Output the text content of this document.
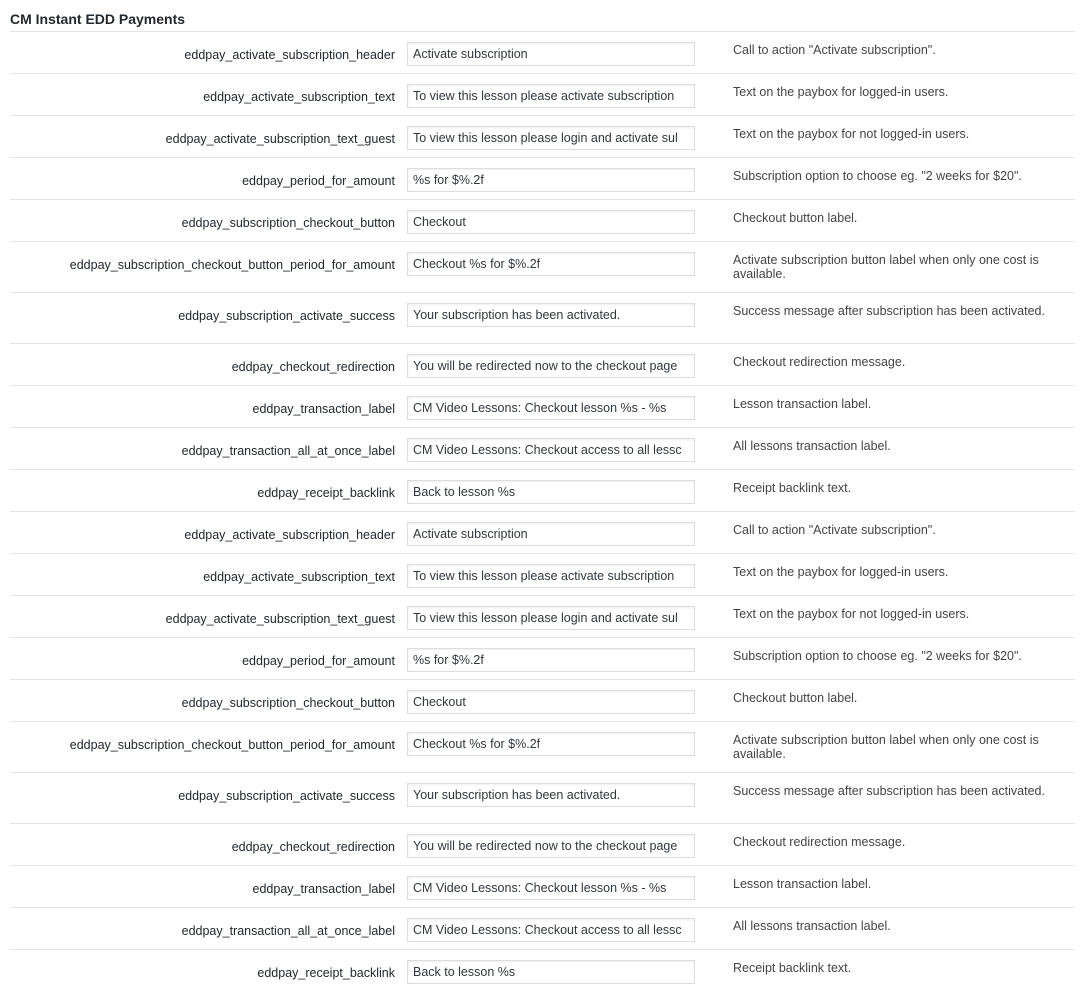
CM Instant EDD Payments
eddpay_activate_subscription_header	Activate subscription	Call to action "Activate subscription".
eddpay_activate_subscription_text	To view this lesson please activate subscription	Text on the paybox for logged-in users.
eddpay_activate_subscription_text_guest	To view this lesson please login and activate sul	Text on the paybox for not logged-in users.
eddpay_period_for_amount	%s for $%.2f	Subscription option to choose eg. "2 weeks for $20".
eddpay_subscription_checkout_button	Checkout	Checkout button label.
eddpay_subscription_checkout_button_period_for_amount	Checkout %s for $%.2f	Activate subscription button label when only one cost is available.
eddpay_subscription_activate_success	Your subscription has been activated.	Success message after subscription has been activated.
eddpay_checkout_redirection	You will be redirected now to the checkout page	Checkout redirection message.
eddpay_transaction_label	CM Video Lessons: Checkout lesson %s - %s	Lesson transaction label.
eddpay_transaction_all_at_once_label	CM Video Lessons: Checkout access to all lessc	All lessons transaction label.
eddpay_receipt_backlink	Back to lesson %s	Receipt backlink text.
eddpay_activate_subscription_header	Activate subscription	Call to action "Activate subscription".
eddpay_activate_subscription_text	To view this lesson please activate subscription	Text on the paybox for logged-in users.
eddpay_activate_subscription_text_guest	To view this lesson please login and activate sul	Text on the paybox for not logged-in users.
eddpay_period_for_amount	%s for $%.2f	Subscription option to choose eg. "2 weeks for $20".
eddpay_subscription_checkout_button	Checkout	Checkout button label.
eddpay_subscription_checkout_button_period_for_amount	Checkout %s for $%.2f	Activate subscription button label when only one cost is available.
eddpay_subscription_activate_success	Your subscription has been activated.	Success message after subscription has been activated.
eddpay_checkout_redirection	You will be redirected now to the checkout page	Checkout redirection message.
eddpay_transaction_label	CM Video Lessons: Checkout lesson %s - %s	Lesson transaction label.
eddpay_transaction_all_at_once_label	CM Video Lessons: Checkout access to all lessc	All lessons transaction label.
eddpay_receipt_backlink	Back to lesson %s	Receipt backlink text.
